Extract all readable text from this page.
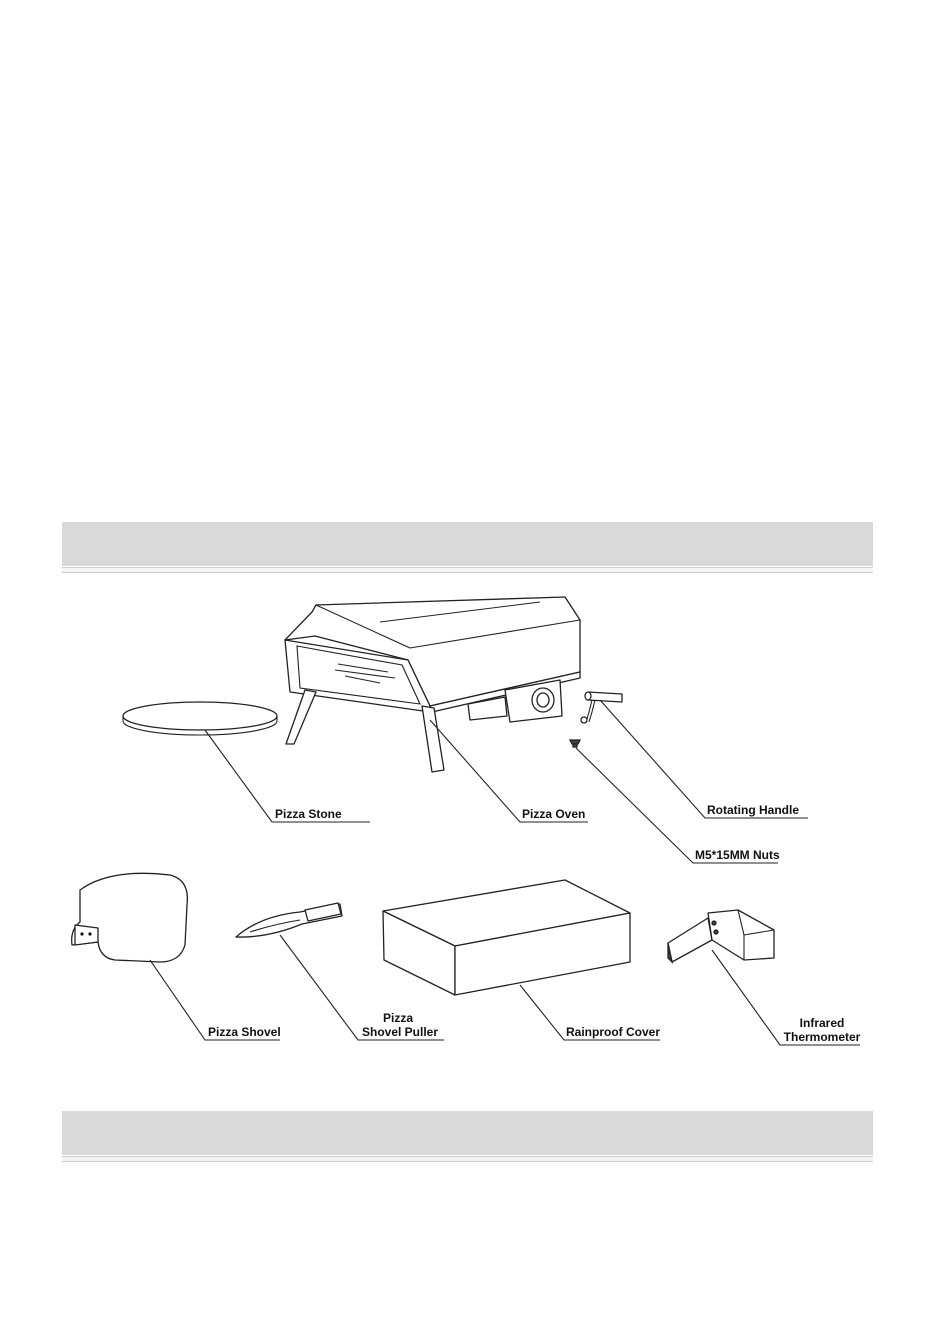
Pizza Stone	Pizza Oven	Rotating Handle
M5*15MM Nuts
Pizza Shovel
Pizza
Shovel Puller	Rainproof Cover
Infrared
Thermometer
